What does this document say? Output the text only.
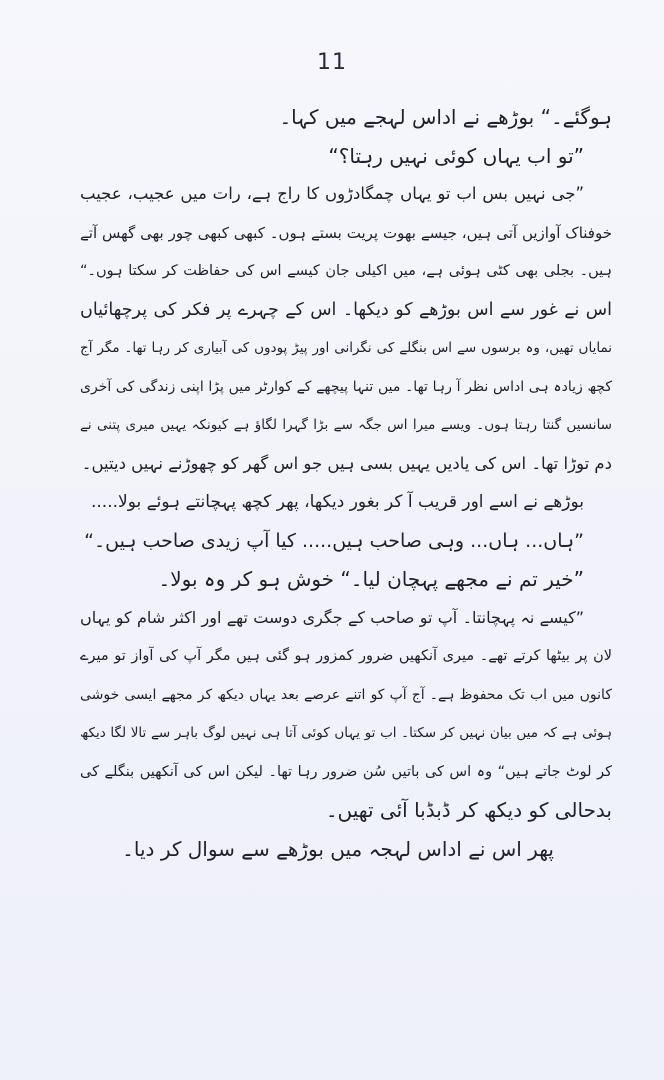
11
ہوگئے۔“ بوڑھے نے اداس لہجے میں کہا۔
”تو اب یہاں کوئی نہیں رہتا؟“
”جی نہیں بس اب تو یہاں چمگادڑوں کا راج ہے، رات میں عجیب، عجیب
خوفناک آوازیں آتی ہیں، جیسے بھوت پریت بستے ہوں۔ کبھی کبھی چور بھی گھس آتے
ہیں۔ بجلی بھی کٹی ہوئی ہے، میں اکیلی جان کیسے اس کی حفاظت کر سکتا ہوں۔“
اس نے غور سے اس بوڑھے کو دیکھا۔ اس کے چہرے پر فکر کی پرچھائیاں
نمایاں تھیں، وہ برسوں سے اس بنگلے کی نگرانی اور پیڑ پودوں کی آبیاری کر رہا تھا۔ مگر آج
کچھ زیادہ ہی اداس نظر آ رہا تھا۔ میں تنہا پیچھے کے کوارٹر میں پڑا اپنی زندگی کی آخری
سانسیں گنتا رہتا ہوں۔ ویسے میرا اس جگہ سے بڑا گہرا لگاؤ ہے کیونکہ یہیں میری پتنی نے
دم توڑا تھا۔ اس کی یادیں یہیں بسی ہیں جو اس گھر کو چھوڑنے نہیں دیتیں۔
بوڑھے نے اسے اور قریب آ کر بغور دیکھا، پھر کچھ پہچانتے ہوئے بولا.....
”ہاں... ہاں... وہی صاحب ہیں..... کیا آپ زیدی صاحب ہیں۔“
”خیر تم نے مجھے پہچان لیا۔“ خوش ہو کر وہ بولا۔
”کیسے نہ پہچانتا۔ آپ تو صاحب کے جگری دوست تھے اور اکثر شام کو یہاں
لان پر بیٹھا کرتے تھے۔ میری آنکھیں ضرور کمزور ہو گئی ہیں مگر آپ کی آواز تو میرے
کانوں میں اب تک محفوظ ہے۔ آج آپ کو اتنے عرصے بعد یہاں دیکھ کر مجھے ایسی خوشی
ہوئی ہے کہ میں بیان نہیں کر سکتا۔ اب تو یہاں کوئی آتا ہی نہیں لوگ باہر سے تالا لگا دیکھ
کر لوٹ جاتے ہیں“ وہ اس کی باتیں سُن ضرور رہا تھا۔ لیکن اس کی آنکھیں بنگلے کی
بدحالی کو دیکھ کر ڈبڈبا آئی تھیں۔
پھر اس نے اداس لہجہ میں بوڑھے سے سوال کر دیا۔
